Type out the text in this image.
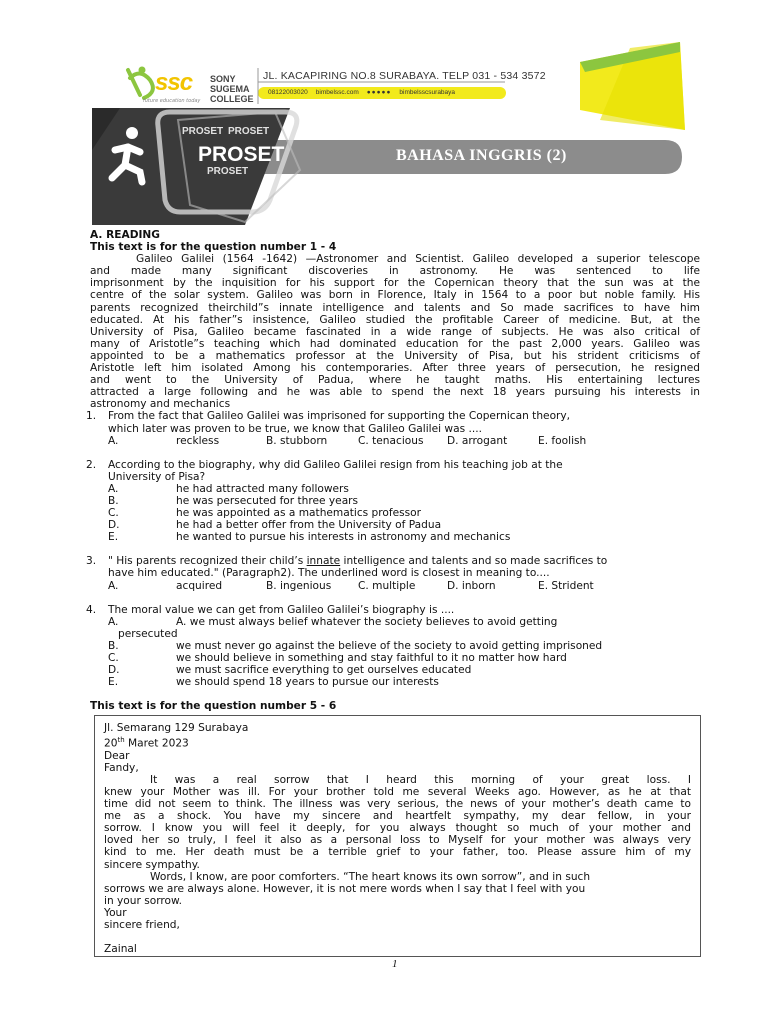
ssc SONY
SUGEMA
COLLEGE
future education today
JL. KACAPIRING NO.8 SURABAYA. TELP 031 - 534 3572
08122003020 bimbelssc.com ●●●●● bimbelsscsurabaya
PROSET PROSET
PROSET
PROSET
BAHASA INGGRIS (2)

A. READING

This text is for the question number 1 - 4

Galileo Galilei (1564 -1642) —Astronomer and Scientist. Galileo developed a superior telescope

and made many significant discoveries in astronomy. He was sentenced to life

imprisonment by the inquisition for his support for the Copernican theory that the sun was at the

centre of the solar system. Galileo was born in Florence, Italy in 1564 to a poor but noble family. His

parents recognized theirchild”s innate intelligence and talents and So made sacrifices to have him

educated. At his father”s insistence, Galileo studied the profitable Career of medicine. But, at the

University of Pisa, Galileo became fascinated in a wide range of subjects. He was also critical of

many of Aristotle”s teaching which had dominated education for the past 2,000 years. Galileo was

appointed to be a mathematics professor at the University of Pisa, but his strident criticisms of

Aristotle left him isolated Among his contemporaries. After three years of persecution, he resigned

and went to the University of Padua, where he taught maths. His entertaining lectures

attracted a large following and he was able to spend the next 18 years pursuing his interests in

astronomy and mechanics

1. From the fact that Galileo Galilei was imprisoned for supporting the Copernican theory,

which later was proven to be true, we know that Galileo Galilei was ....

A.	reckless	B. stubborn	C. tenacious	D. arrogant	E. foolish
2. According to the biography, why did Galileo Galilei resign from his teaching job at the

University of Pisa?

A.	he had attracted many followers
B.	he was persecuted for three years
C.	he was appointed as a mathematics professor
D.	he had a better offer from the University of Padua
E.	he wanted to pursue his interests in astronomy and mechanics
3. " His parents recognized their child’s innate intelligence and talents and so made sacrifices to

have him educated." (Paragraph2). The underlined word is closest in meaning to....

A.	acquired	B. ingenious	C. multiple	D. inborn	E. Strident
4. The moral value we can get from Galileo Galilei’s biography is ....

A.	A. we must always belief whatever the society believes to avoid getting

persecuted

B.	we must never go against the believe of the society to avoid getting imprisoned
C.	we should believe in something and stay faithful to it no matter how hard
D.	we must sacrifice everything to get ourselves educated
E.	we should spend 18 years to pursue our interests

This text is for the question number 5 - 6

Jl. Semarang 129 Surabaya

20th Maret 2023

Dear

Fandy,

It was a real sorrow that I heard this morning of your great loss. I

knew your Mother was ill. For your brother told me several Weeks ago. However, as he at that

time did not seem to think. The illness was very serious, the news of your mother’s death came to

me as a shock. You have my sincere and heartfelt sympathy, my dear fellow, in your

sorrow. I know you will feel it deeply, for you always thought so much of your mother and

loved her so truly, I feel it also as a personal loss to Myself for your mother was always very

kind to me. Her death must be a terrible grief to your father, too. Please assure him of my

sincere sympathy.

Words, I know, are poor comforters. “The heart knows its own sorrow”, and in such

sorrows we are always alone. However, it is not mere words when I say that I feel with you

in your sorrow.

Your

sincere friend,

Zainal

1
